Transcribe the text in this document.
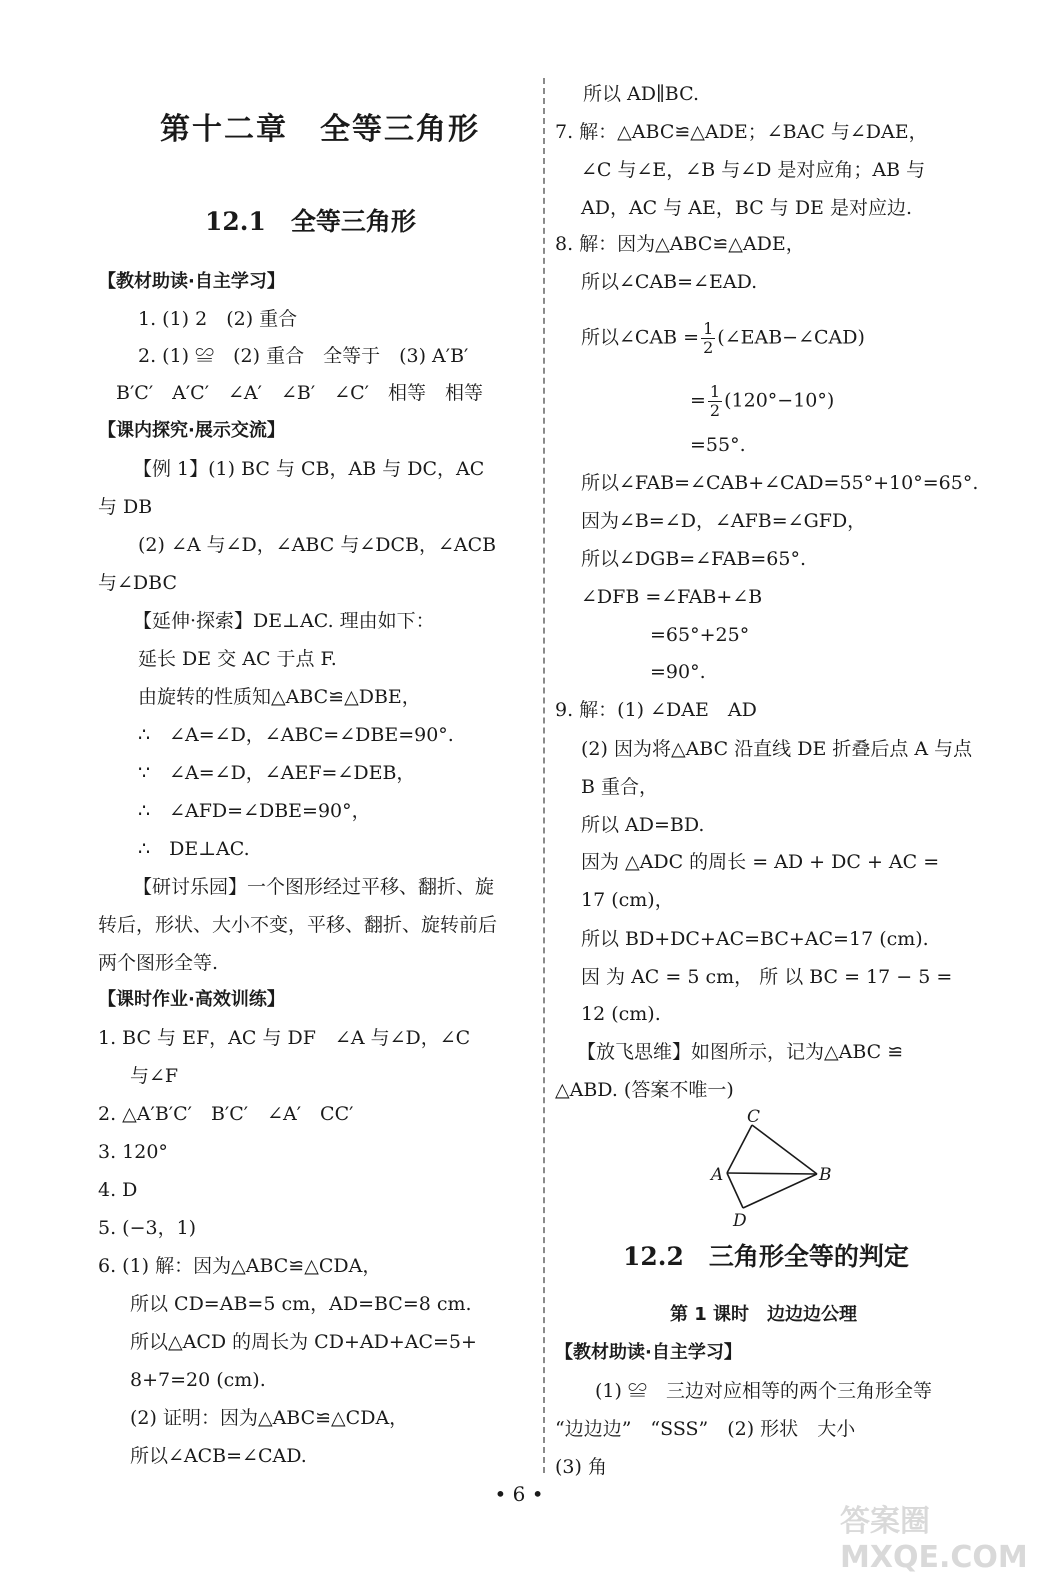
第十二章　全等三角形
12.1　全等三角形
【教材助读·自主学习】
1. (1) 2　(2) 重合
2. (1) ≌　(2) 重合　全等于　(3) A′B′
B′C′　A′C′　∠A′　∠B′　∠C′　相等　相等
【课内探究·展示交流】
【例 1】(1) BC 与 CB，AB 与 DC，AC
与 DB
(2) ∠A 与∠D，∠ABC 与∠DCB，∠ACB
与∠DBC
【延伸·探索】DE⊥AC. 理由如下：
延长 DE 交 AC 于点 F.
由旋转的性质知△ABC≌△DBE，
∴　∠A=∠D，∠ABC=∠DBE=90°.
∵　∠A=∠D，∠AEF=∠DEB，
∴　∠AFD=∠DBE=90°，
∴　DE⊥AC.
【研讨乐园】一个图形经过平移、翻折、旋
转后，形状、大小不变，平移、翻折、旋转前后
两个图形全等.
【课时作业·高效训练】
1. BC 与 EF，AC 与 DF　∠A 与∠D，∠C
与∠F
2. △A′B′C′　B′C′　∠A′　CC′
3. 120°
4. D
5. (−3，1)
6. (1) 解：因为△ABC≌△CDA，
所以 CD=AB=5 cm，AD=BC=8 cm.
所以△ACD 的周长为 CD+AD+AC=5+
8+7=20 (cm).
(2) 证明：因为△ABC≌△CDA，
所以∠ACB=∠CAD.
所以 AD∥BC.
7. 解：△ABC≌△ADE；∠BAC 与∠DAE，
∠C 与∠E，∠B 与∠D 是对应角；AB 与
AD，AC 与 AE，BC 与 DE 是对应边.
8. 解：因为△ABC≌△ADE，
所以∠CAB=∠EAD.
所以∠CAB = $\frac{1}{2}$ (∠EAB−∠CAD)
= $\frac{1}{2} (120^\circ-10^\circ)$
=55°.
所以∠FAB=∠CAB+∠CAD=55°+10°=65°.
因为∠B=∠D，∠AFB=∠GFD，
所以∠DGB=∠FAB=65°.
∠DFB =∠FAB+∠B
=65°+25°
=90°.
9. 解：(1) ∠DAE　AD
(2) 因为将△ABC 沿直线 DE 折叠后点 A 与点
B 重合，
所以 AD=BD.
因为 △ADC 的周长 = AD + DC + AC =
17 (cm)，
所以 BD+DC+AC=BC+AC=17 (cm).
因 为 AC = 5 cm， 所 以 BC = 17 − 5 =
12 (cm).
【放飞思维】如图所示，记为△ABC ≌
△ABD. (答案不唯一)
C
A	B
D
12.2　三角形全等的判定
第 1 课时　边边边公理
【教材助读·自主学习】
(1) ≌　三边对应相等的两个三角形全等
“边边边”　“SSS”　(2) 形状　大小
(3) 角
• 6 •
答案圈 MXQE.COM
